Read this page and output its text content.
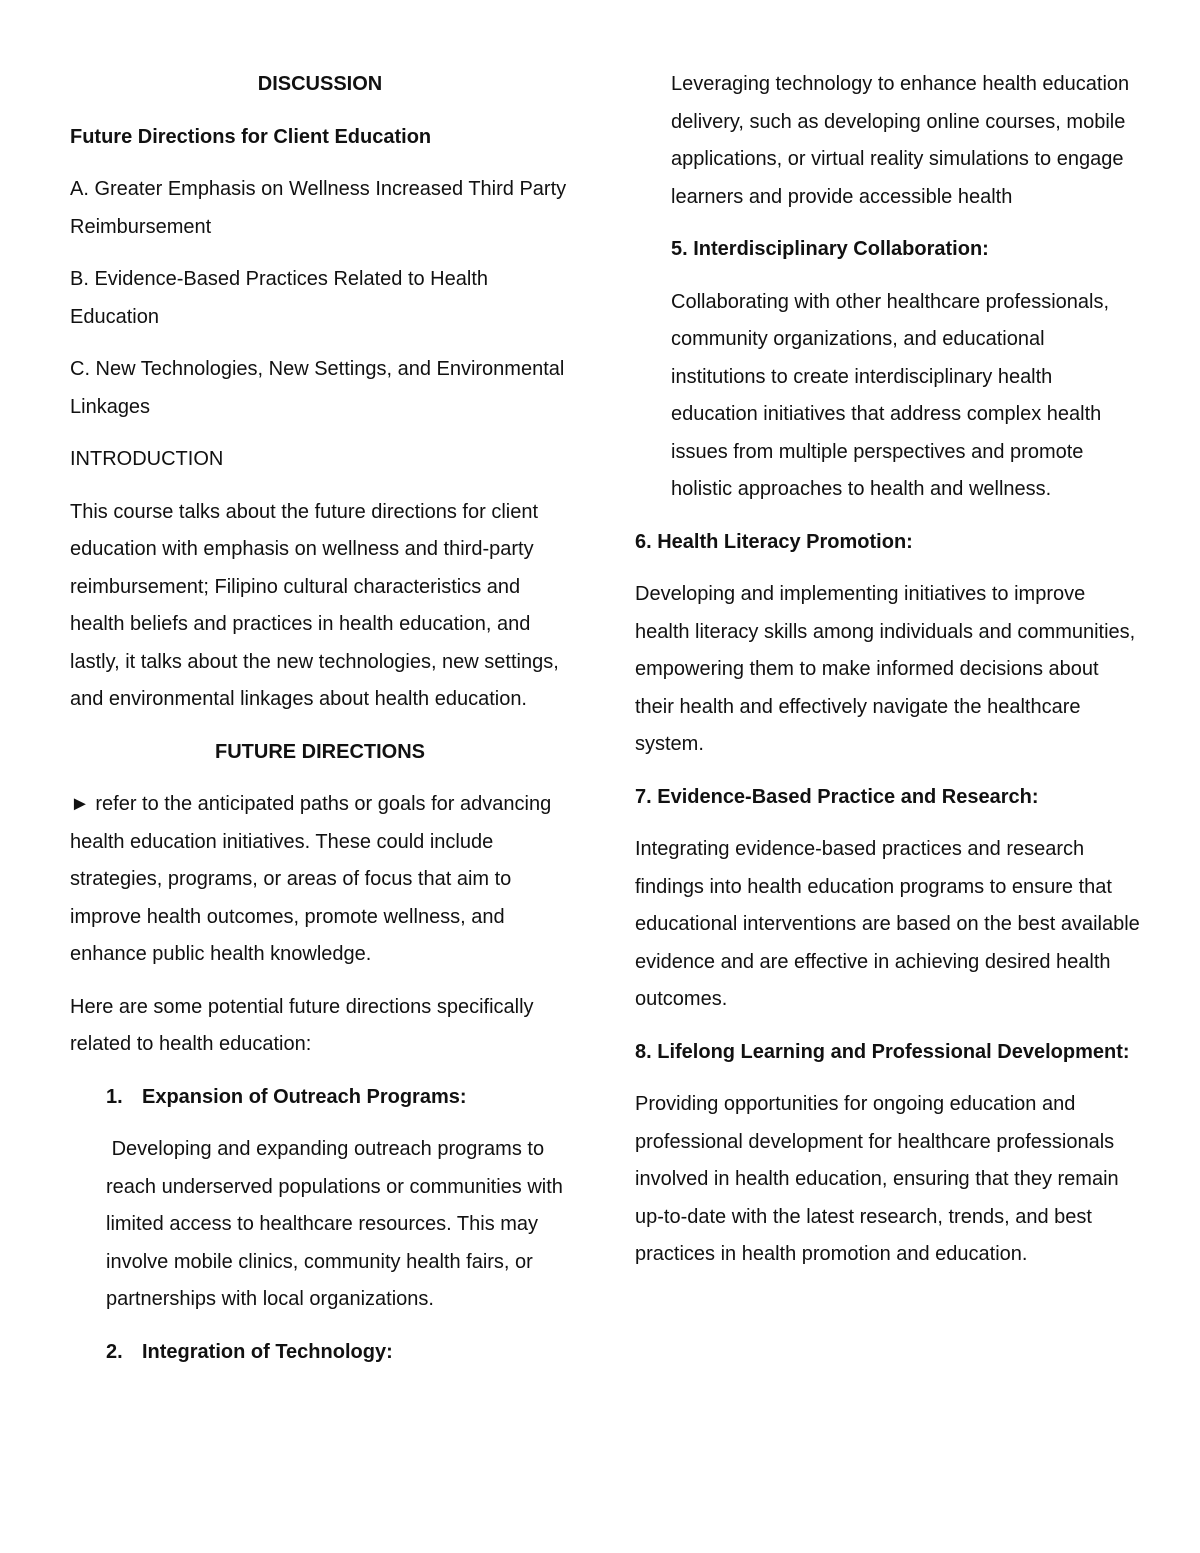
DISCUSSION

Future Directions for Client Education

A. Greater Emphasis on Wellness Increased Third Party Reimbursement

B. Evidence-Based Practices Related to Health Education

C. New Technologies, New Settings, and Environmental Linkages

INTRODUCTION

This course talks about the future directions for client education with emphasis on wellness and third-party reimbursement; Filipino cultural characteristics and health beliefs and practices in health education, and lastly, it talks about the new technologies, new settings, and environmental linkages about health education.

FUTURE DIRECTIONS

► refer to the anticipated paths or goals for advancing health education initiatives. These could include strategies, programs, or areas of focus that aim to improve health outcomes, promote wellness, and enhance public health knowledge.

Here are some potential future directions specifically related to health education:

1. Expansion of Outreach Programs:

Developing and expanding outreach programs to reach underserved populations or communities with limited access to healthcare resources. This may involve mobile clinics, community health fairs, or partnerships with local organizations.

2. Integration of Technology:

Leveraging technology to enhance health education delivery, such as developing online courses, mobile applications, or virtual reality simulations to engage learners and provide accessible health

5. Interdisciplinary Collaboration:

Collaborating with other healthcare professionals, community organizations, and educational institutions to create interdisciplinary health education initiatives that address complex health issues from multiple perspectives and promote holistic approaches to health and wellness.

6. Health Literacy Promotion:

Developing and implementing initiatives to improve health literacy skills among individuals and communities, empowering them to make informed decisions about their health and effectively navigate the healthcare system.

7. Evidence-Based Practice and Research:

Integrating evidence-based practices and research findings into health education programs to ensure that educational interventions are based on the best available evidence and are effective in achieving desired health outcomes.

8. Lifelong Learning and Professional Development:

Providing opportunities for ongoing education and professional development for healthcare professionals involved in health education, ensuring that they remain up-to-date with the latest research, trends, and best practices in health promotion and education.
